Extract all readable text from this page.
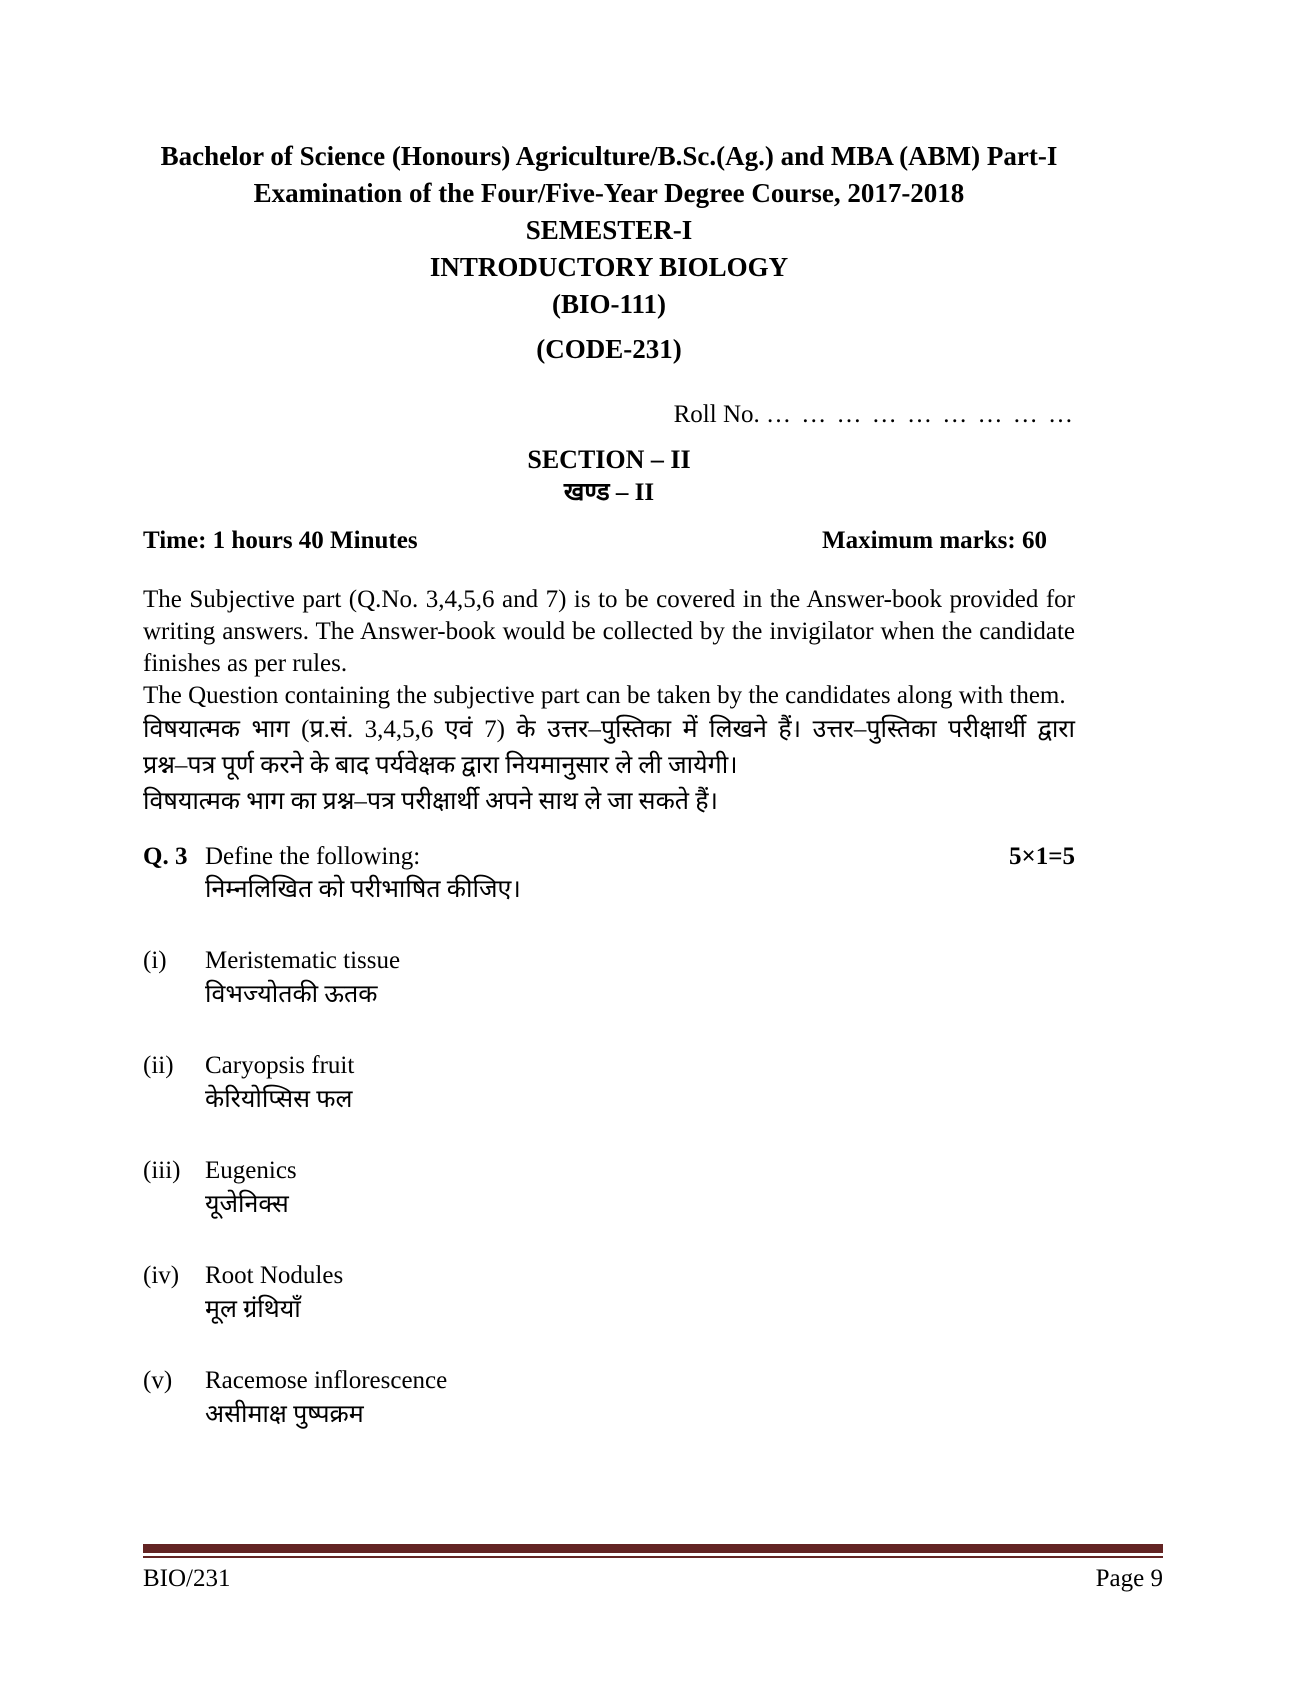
Bachelor of Science (Honours) Agriculture/B.Sc.(Ag.) and MBA (ABM) Part-I
Examination of the Four/Five-Year Degree Course, 2017-2018
SEMESTER-I
INTRODUCTORY BIOLOGY
(BIO-111)
(CODE-231)
Roll No. … … … … … … … … …
SECTION – II
खण्ड – II
Time: 1 hours 40 Minutes	Maximum marks: 60
The Subjective part (Q.No. 3,4,5,6 and 7) is to be covered in the Answer-book provided for
writing answers. The Answer-book would be collected by the invigilator when the candidate
finishes as per rules.
The Question containing the subjective part can be taken by the candidates along with them.
विषयात्मक भाग (प्र.सं. 3,4,5,6 एवं 7) के उत्तर–पुस्तिका में लिखने हैं। उत्तर–पुस्तिका परीक्षार्थी द्वारा
प्रश्न–पत्र पूर्ण करने के बाद पर्यवेक्षक द्वारा नियमानुसार ले ली जायेगी।
विषयात्मक भाग का प्रश्न–पत्र परीक्षार्थी अपने साथ ले जा सकते हैं।
Q. 3 Define the following:	5×1=5
निम्नलिखित को परीभाषित कीजिए।
(i)	Meristematic tissue
विभज्योतकी ऊतक
(ii)	Caryopsis fruit
केरियोप्सिस फल
(iii) Eugenics
यूजेनिक्स
(iv)	Root Nodules
मूल ग्रंथियाँ
(v)	Racemose inflorescence
असीमाक्ष पुष्पक्रम
BIO/231	Page 9
